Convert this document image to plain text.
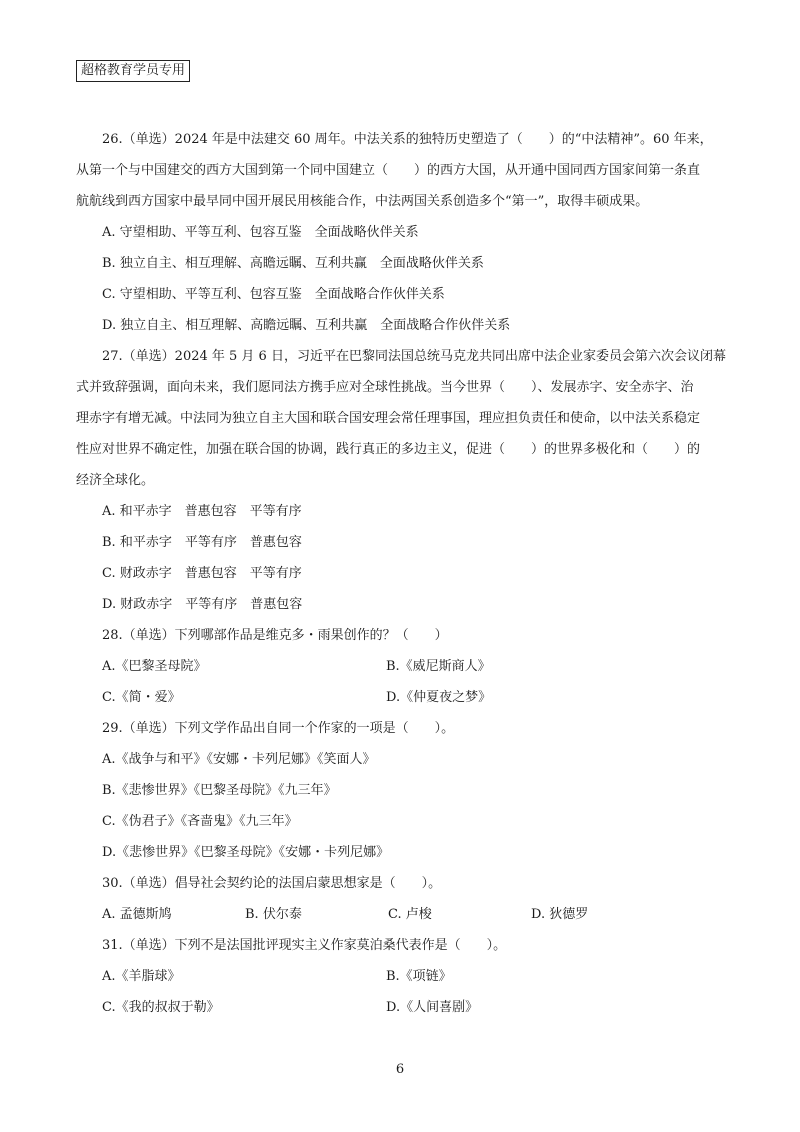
超格教育学员专用
26.（单选）2024 年是中法建交 60 周年。中法关系的独特历史塑造了（　　）的“中法精神”。60 年来，
从第一个与中国建交的西方大国到第一个同中国建立（　　）的西方大国，从开通中国同西方国家间第一条直
航航线到西方国家中最早同中国开展民用核能合作，中法两国关系创造多个“第一”，取得丰硕成果。
A. 守望相助、平等互利、包容互鉴　全面战略伙伴关系
B. 独立自主、相互理解、高瞻远瞩、互利共赢　全面战略伙伴关系
C. 守望相助、平等互利、包容互鉴　全面战略合作伙伴关系
D. 独立自主、相互理解、高瞻远瞩、互利共赢　全面战略合作伙伴关系
27.（单选）2024 年 5 月 6 日，习近平在巴黎同法国总统马克龙共同出席中法企业家委员会第六次会议闭幕
式并致辞强调，面向未来，我们愿同法方携手应对全球性挑战。当今世界（　　）、发展赤字、安全赤字、治
理赤字有增无减。中法同为独立自主大国和联合国安理会常任理事国，理应担负责任和使命，以中法关系稳定
性应对世界不确定性，加强在联合国的协调，践行真正的多边主义，促进（　　）的世界多极化和（　　）的
经济全球化。
A. 和平赤字　普惠包容　平等有序
B. 和平赤字　平等有序　普惠包容
C. 财政赤字　普惠包容　平等有序
D. 财政赤字　平等有序　普惠包容
28.（单选）下列哪部作品是维克多・雨果创作的？（　　）
A.《巴黎圣母院》	B.《威尼斯商人》
C.《简・爱》	D.《仲夏夜之梦》
29.（单选）下列文学作品出自同一个作家的一项是（　　）。
A.《战争与和平》《安娜・卡列尼娜》《笑面人》
B.《悲惨世界》《巴黎圣母院》《九三年》
C.《伪君子》《吝啬鬼》《九三年》
D.《悲惨世界》《巴黎圣母院》《安娜・卡列尼娜》
30.（单选）倡导社会契约论的法国启蒙思想家是（　　）。
A. 孟德斯鸠	B. 伏尔泰	C. 卢梭	D. 狄德罗
31.（单选）下列不是法国批评现实主义作家莫泊桑代表作是（　　）。
A.《羊脂球》	B.《项链》
C.《我的叔叔于勒》	D.《人间喜剧》
6
